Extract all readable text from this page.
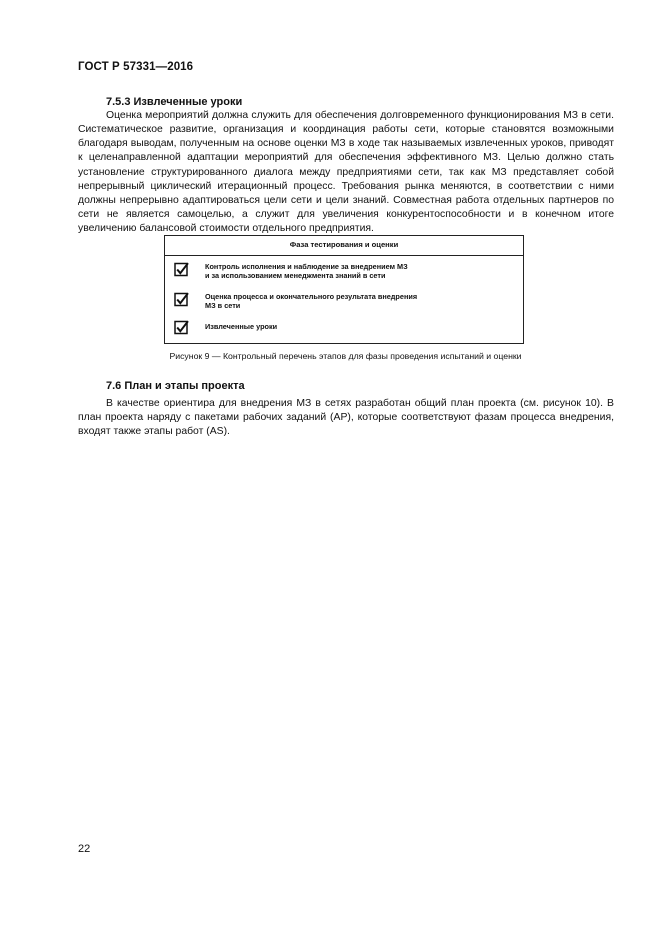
ГОСТ Р 57331—2016
7.5.3 Извлеченные уроки

Оценка мероприятий должна служить для обеспечения долговременного функционирования МЗ в сети. Систематическое развитие, организация и координация работы сети, которые становятся возможными благодаря выводам, полученным на основе оценки МЗ в ходе так называемых извлеченных уроков, приводят к целенаправленной адаптации мероприятий для обеспечения эффективного МЗ. Целью должно стать установление структурированного диалога между предприятиями сети, так как МЗ представляет собой непрерывный циклический итерационный процесс. Требования рынка меняются, в соответствии с ними должны непрерывно адаптироваться цели сети и цели знаний. Совместная работа отдельных партнеров по сети не является самоцелью, а служит для увеличения конкурентоспособности и в конечном итоге увеличению балансовой стоимости отдельного предприятия.

Фаза тестирования и оценки
Контроль исполнения и наблюдение за внедрением МЗ
и за использованием менеджмента знаний в сети
Оценка процесса и окончательного результата внедрения
МЗ в сети
Извлеченные уроки
Рисунок 9 — Контрольный перечень этапов для фазы проведения испытаний и оценки
7.6 План и этапы проекта

В качестве ориентира для внедрения МЗ в сетях разработан общий план проекта (см. рисунок 10). В план проекта наряду с пакетами рабочих заданий (АР), которые соответствуют фазам процесса внедрения, входят также этапы работ (AS).

22
